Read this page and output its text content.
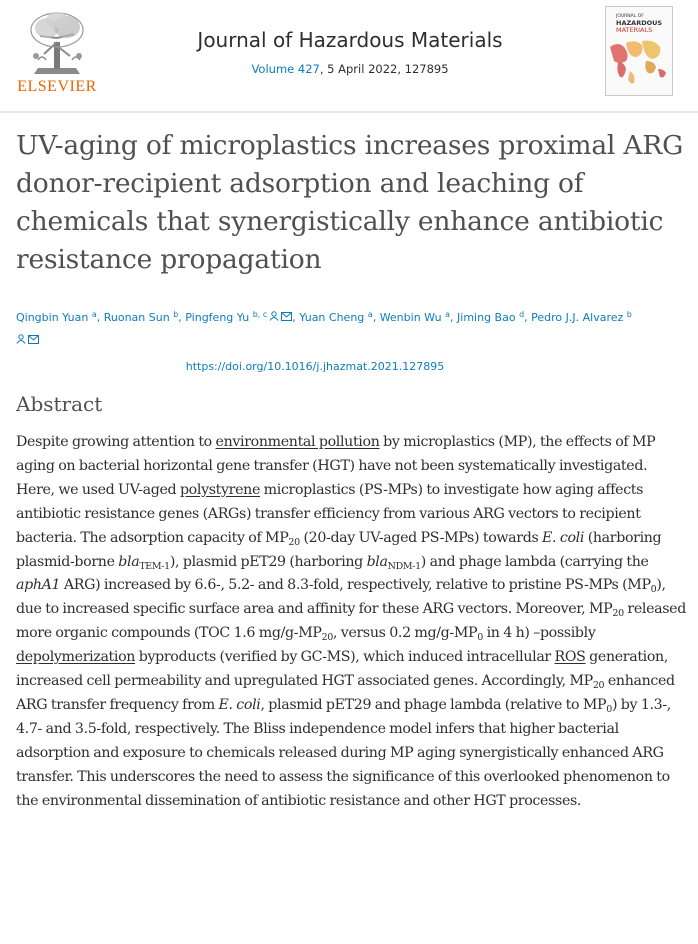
ELSEVIER
Journal of Hazardous Materials
Volume 427, 5 April 2022, 127895
JOURNAL OF
HAZARDOUS
MATERIALS
UV-aging of microplastics increases proximal ARG donor-recipient adsorption and leaching of chemicals that synergistically enhance antibiotic resistance propagation
Qingbin Yuan $^a$, Ruonan Sun $^b$, Pingfeng Yu $^{b, c}$ , Yuan Cheng $^a$, Wenbin Wu $^a$, Jiming Bao $^d$, Pedro J.J. Alvarez $^b$

https://doi.org/10.1016/j.jhazmat.2021.127895
Abstract

Despite growing attention to environmental pollution by microplastics (MP), the effects of MP aging on bacterial horizontal gene transfer (HGT) have not been systematically investigated. Here, we used UV-aged polystyrene microplastics (PS-MPs) to investigate how aging affects antibiotic resistance genes (ARGs) transfer efficiency from various ARG vectors to recipient bacteria. The adsorption capacity of $MP_{20}$ (20-day UV-aged PS-MPs) towards E. coli (harboring plasmid-borne bla$_{TEM-1}$), plasmid pET29 (harboring bla$_{NDM-1}$) and phage lambda (carrying the aphA1 ARG) increased by 6.6-, 5.2- and 8.3-fold, respectively, relative to pristine PS-MPs $(MP_0)$, due to increased specific surface area and affinity for these ARG vectors. Moreover, $MP_{20}$ released more organic compounds (TOC 1.6 $mg/g-MP_{20}$, versus 0.2 $mg/g-MP_0$ in 4 h) –possibly depolymerization byproducts (verified by GC-MS), which induced intracellular ROS generation, increased cell permeability and upregulated HGT associated genes. Accordingly, $MP_{20}$ enhanced ARG transfer frequency from E. coli, plasmid pET29 and phage lambda (relative to $MP_0$) by 1.3-, 4.7- and 3.5-fold, respectively. The Bliss independence model infers that higher bacterial adsorption and exposure to chemicals released during MP aging synergistically enhanced ARG transfer. This underscores the need to assess the significance of this overlooked phenomenon to the environmental dissemination of antibiotic resistance and other HGT processes.
